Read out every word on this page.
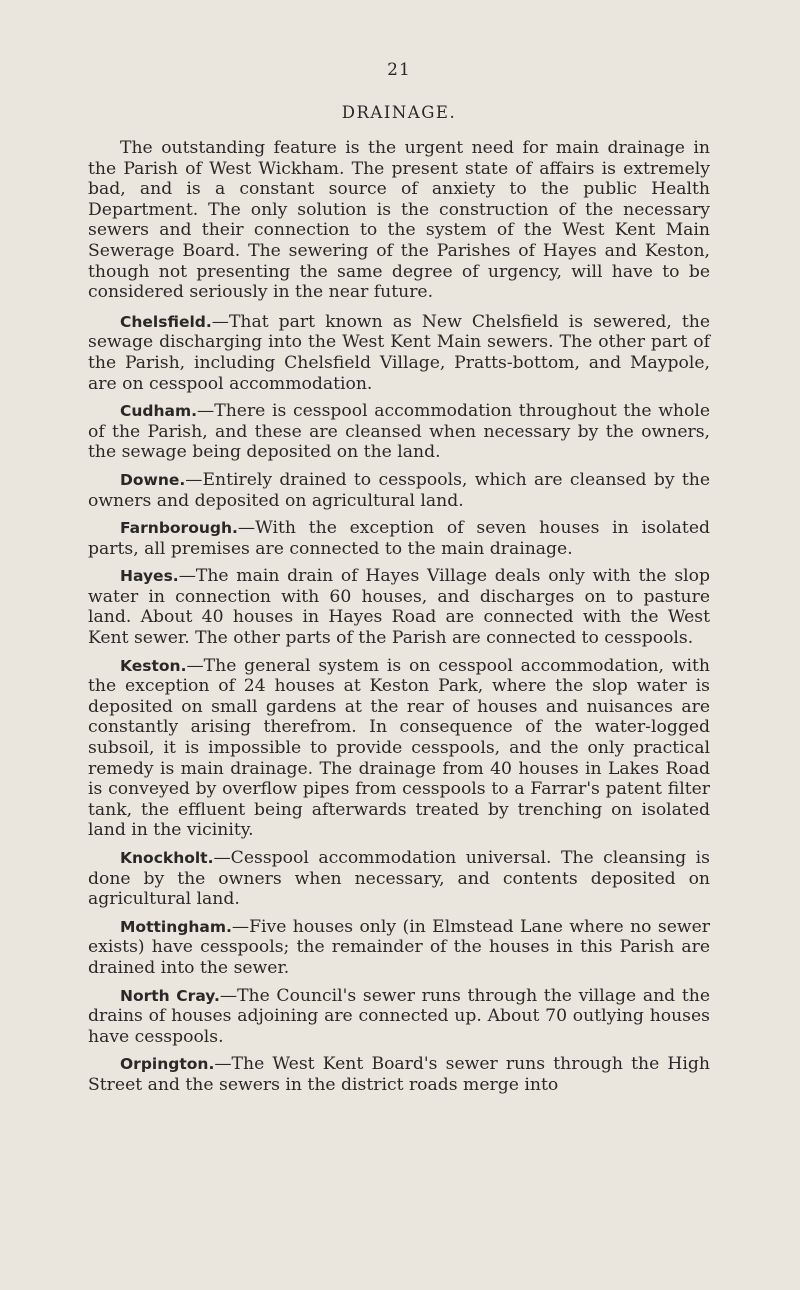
21
DRAINAGE.

The outstanding feature is the urgent need for main drainage in the Parish of West Wickham. The present state of affairs is extremely bad, and is a constant source of anxiety to the public Health Department. The only solution is the construction of the necessary sewers and their connection to the system of the West Kent Main Sewerage Board. The sewering of the Parishes of Hayes and Keston, though not presenting the same degree of urgency, will have to be considered seriously in the near future.

Chelsfield.—That part known as New Chelsfield is sewered, the sewage discharging into the West Kent Main sewers. The other part of the Parish, including Chelsfield Village, Pratts-bottom, and Maypole, are on cesspool accommodation.

Cudham.—There is cesspool accommodation throughout the whole of the Parish, and these are cleansed when necessary by the owners, the sewage being deposited on the land.

Downe.—Entirely drained to cesspools, which are cleansed by the owners and deposited on agricultural land.

Farnborough.—With the exception of seven houses in isolated parts, all premises are connected to the main drainage.

Hayes.—The main drain of Hayes Village deals only with the slop water in connection with 60 houses, and discharges on to pasture land. About 40 houses in Hayes Road are connected with the West Kent sewer. The other parts of the Parish are connected to cesspools.

Keston.—The general system is on cesspool accommodation, with the exception of 24 houses at Keston Park, where the slop water is deposited on small gardens at the rear of houses and nuisances are constantly arising therefrom. In consequence of the water-logged subsoil, it is impossible to provide cesspools, and the only practical remedy is main drainage. The drainage from 40 houses in Lakes Road is conveyed by overflow pipes from cesspools to a Farrar's patent filter tank, the effluent being afterwards treated by trenching on isolated land in the vicinity.

Knockholt.—Cesspool accommodation universal. The cleansing is done by the owners when necessary, and contents deposited on agricultural land.

Mottingham.—Five houses only (in Elmstead Lane where no sewer exists) have cesspools; the remainder of the houses in this Parish are drained into the sewer.

North Cray.—The Council's sewer runs through the village and the drains of houses adjoining are connected up. About 70 outlying houses have cesspools.

Orpington.—The West Kent Board's sewer runs through the High Street and the sewers in the district roads merge into
